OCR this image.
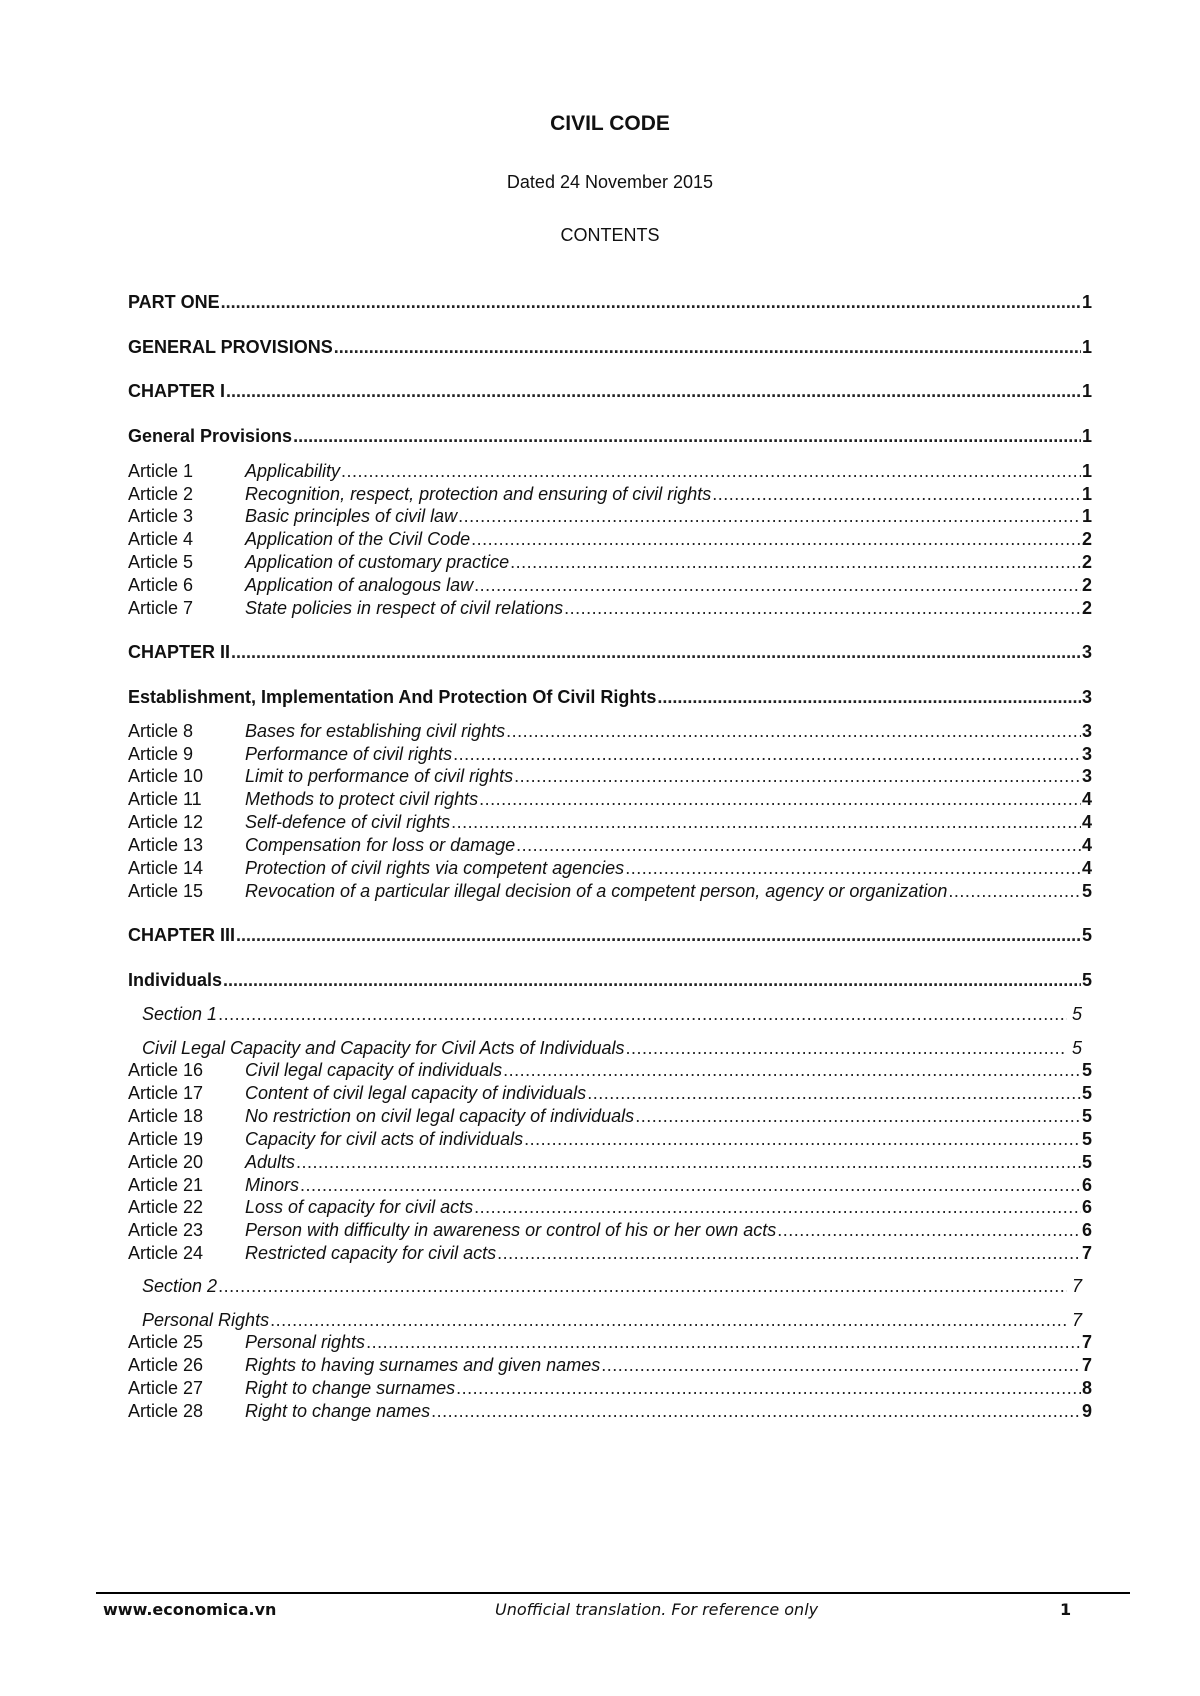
CIVIL CODE
Dated 24 November 2015
CONTENTS
PART ONE .....	1
GENERAL PROVISIONS .....	1
CHAPTER I .....	1
General Provisions .....	1
Article 1	Applicability .....	1
Article 2	Recognition, respect, protection and ensuring of civil rights .....	1
Article 3	Basic principles of civil law .....	1
Article 4	Application of the Civil Code .....	2
Article 5	Application of customary practice .....	2
Article 6	Application of analogous law .....	2
Article 7	State policies in respect of civil relations .....	2
CHAPTER II .....	3
Establishment, Implementation And Protection Of Civil Rights .....	3
Article 8	Bases for establishing civil rights .....	3
Article 9	Performance of civil rights .....	3
Article 10	Limit to performance of civil rights .....	3
Article 11	Methods to protect civil rights .....	4
Article 12	Self-defence of civil rights .....	4
Article 13	Compensation for loss or damage .....	4
Article 14	Protection of civil rights via competent agencies .....	4
Article 15	Revocation of a particular illegal decision of a competent person, agency or organization .....	5
CHAPTER III .....	5
Individuals .....	5
Section 1 .....	5
Civil Legal Capacity and Capacity for Civil Acts of Individuals .....	5
Article 16	Civil legal capacity of individuals .....	5
Article 17	Content of civil legal capacity of individuals .....	5
Article 18	No restriction on civil legal capacity of individuals .....	5
Article 19	Capacity for civil acts of individuals .....	5
Article 20	Adults .....	5
Article 21	Minors .....	6
Article 22	Loss of capacity for civil acts .....	6
Article 23	Person with difficulty in awareness or control of his or her own acts .....	6
Article 24	Restricted capacity for civil acts .....	7
Section 2 .....	7
Personal Rights .....	7
Article 25	Personal rights .....	7
Article 26	Rights to having surnames and given names .....	7
Article 27	Right to change surnames .....	8
Article 28	Right to change names .....	9
www.economica.vn	Unofficial translation. For reference only	1
